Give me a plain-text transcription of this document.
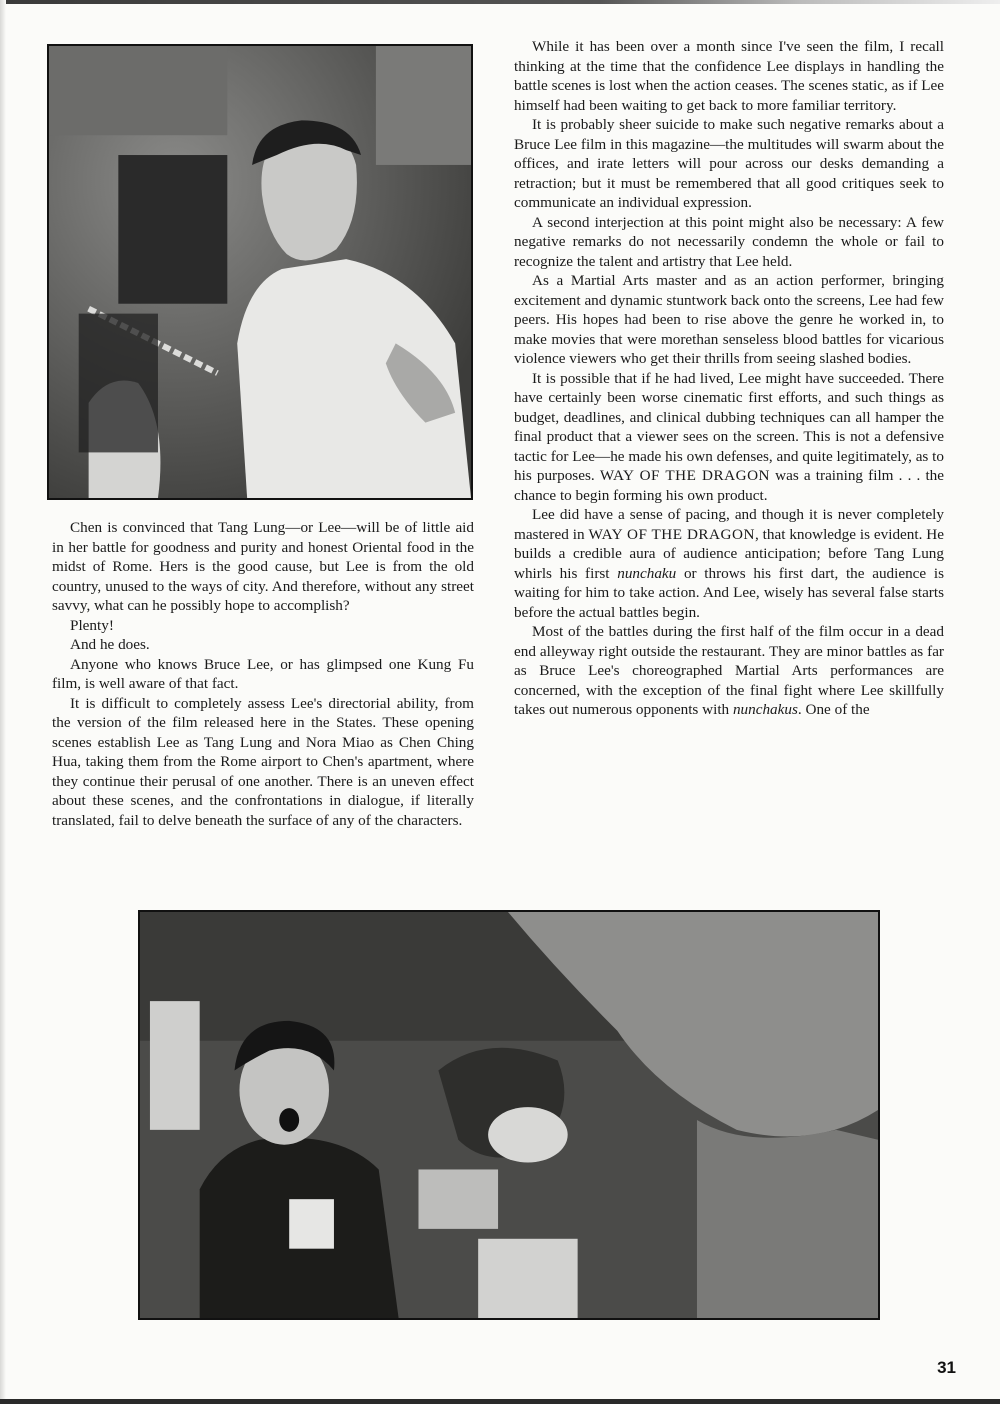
While it has been over a month since I've seen the film, I recall thinking at the time that the confidence Lee displays in handling the battle scenes is lost when the action ceases. The scenes static, as if Lee himself had been waiting to get back to more familiar territory.

It is probably sheer suicide to make such negative remarks about a Bruce Lee film in this magazine—the multitudes will swarm about the offices, and irate letters will pour across our desks demanding a retraction; but it must be remembered that all good critiques seek to communicate an individual expression.

A second interjection at this point might also be necessary: A few negative remarks do not necessarily condemn the whole or fail to recognize the talent and artistry that Lee held.

As a Martial Arts master and as an action performer, bringing excitement and dynamic stuntwork back onto the screens, Lee had few peers. His hopes had been to rise above the genre he worked in, to make movies that were morethan senseless blood battles for vicarious violence viewers who get their thrills from seeing slashed bodies.

It is possible that if he had lived, Lee might have succeeded. There have certainly been worse cinematic first efforts, and such things as budget, deadlines, and clinical dubbing techniques can all hamper the final product that a viewer sees on the screen. This is not a defensive tactic for Lee—he made his own defenses, and quite legitimately, as to his purposes. WAY OF THE DRAGON was a training film . . . the chance to begin forming his own product.

Lee did have a sense of pacing, and though it is never completely mastered in WAY OF THE DRAGON, that knowledge is evident. He builds a credible aura of audience anticipation; before Tang Lung whirls his first nunchaku or throws his first dart, the audience is waiting for him to take action. And Lee, wisely has several false starts before the actual battles begin.

Most of the battles during the first half of the film occur in a dead end alleyway right outside the restaurant. They are minor battles as far as Bruce Lee's choreographed Martial Arts performances are concerned, with the exception of the final fight where Lee skillfully takes out numerous opponents with nunchakus. One of the

Chen is convinced that Tang Lung—or Lee—will be of little aid in her battle for goodness and purity and honest Oriental food in the midst of Rome. Hers is the good cause, but Lee is from the old country, unused to the ways of city. And therefore, without any street savvy, what can he possibly hope to accomplish?

Plenty!

And he does.

Anyone who knows Bruce Lee, or has glimpsed one Kung Fu film, is well aware of that fact.

It is difficult to completely assess Lee's directorial ability, from the version of the film released here in the States. These opening scenes establish Lee as Tang Lung and Nora Miao as Chen Ching Hua, taking them from the Rome airport to Chen's apartment, where they continue their perusal of one another. There is an uneven effect about these scenes, and the confrontations in dialogue, if literally translated, fail to delve beneath the surface of any of the characters.

31
